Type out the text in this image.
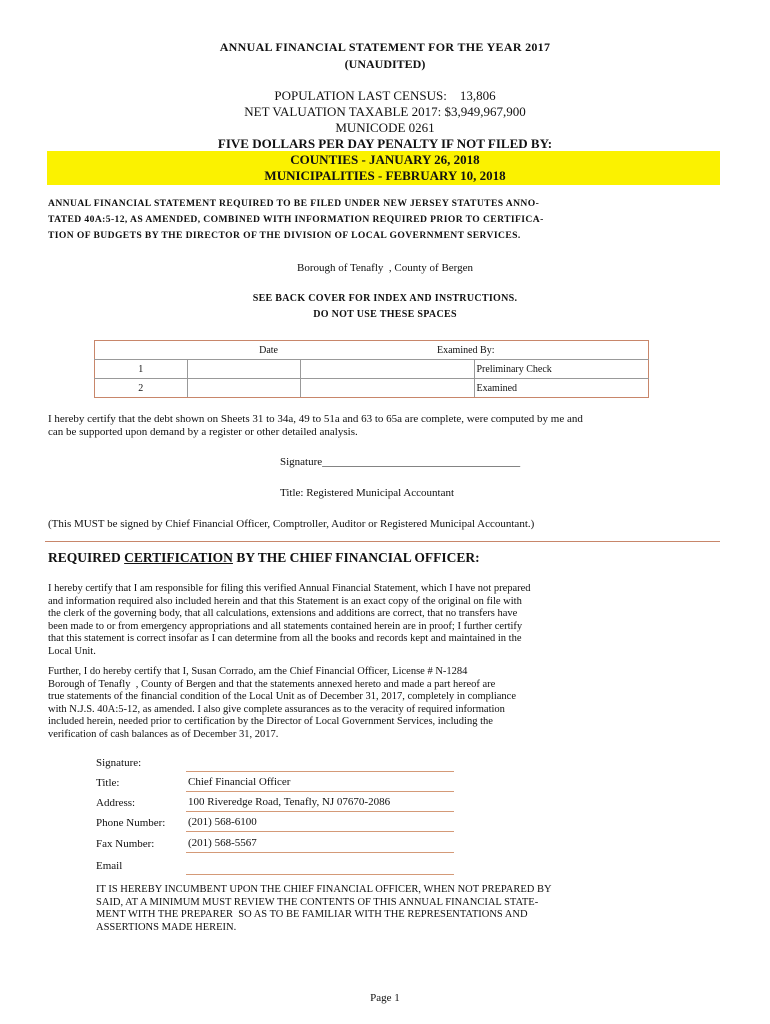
ANNUAL FINANCIAL STATEMENT FOR THE YEAR 2017
(UNAUDITED)
POPULATION LAST CENSUS:    13,806
NET VALUATION TAXABLE 2017: $3,949,967,900
MUNICODE 0261
FIVE DOLLARS PER DAY PENALTY IF NOT FILED BY:
COUNTIES - JANUARY 26, 2018
MUNICIPALITIES - FEBRUARY 10, 2018
ANNUAL FINANCIAL STATEMENT REQUIRED TO BE FILED UNDER NEW JERSEY STATUTES ANNO-
TATED 40A:5-12, AS AMENDED, COMBINED WITH INFORMATION REQUIRED PRIOR TO CERTIFICA-
TION OF BUDGETS BY THE DIRECTOR OF THE DIVISION OF LOCAL GOVERNMENT SERVICES.
Borough of Tenafly  , County of Bergen
SEE BACK COVER FOR INDEX AND INSTRUCTIONS.
DO NOT USE THESE SPACES
	Date		Examined By:
1			Preliminary Check
2			Examined
I hereby certify that the debt shown on Sheets 31 to 34a, 49 to 51a and 63 to 65a are complete, were computed by me and
can be supported upon demand by a register or other detailed analysis.
Signature____________________________________
Title: Registered Municipal Accountant
(This MUST be signed by Chief Financial Officer, Comptroller, Auditor or Registered Municipal Accountant.)
REQUIRED CERTIFICATION BY THE CHIEF FINANCIAL OFFICER:
I hereby certify that I am responsible for filing this verified Annual Financial Statement, which I have not prepared
and information required also included herein and that this Statement is an exact copy of the original on file with
the clerk of the governing body, that all calculations, extensions and additions are correct, that no transfers have
been made to or from emergency appropriations and all statements contained herein are in proof; I further certify
that this statement is correct insofar as I can determine from all the books and records kept and maintained in the
Local Unit.
Further, I do hereby certify that I, Susan Corrado, am the Chief Financial Officer, License # N-1284
Borough of Tenafly  , County of Bergen and that the statements annexed hereto and made a part hereof are
true statements of the financial condition of the Local Unit as of December 31, 2017, completely in compliance
with N.J.S. 40A:5-12, as amended. I also give complete assurances as to the veracity of required information
included herein, needed prior to certification by the Director of Local Government Services, including the
verification of cash balances as of December 31, 2017.
Signature:
Title:	Chief Financial Officer
Address:	100 Riveredge Road, Tenafly, NJ 07670-2086
Phone Number: (201) 568-6100
Fax Number:	(201) 568-5567
Email
IT IS HEREBY INCUMBENT UPON THE CHIEF FINANCIAL OFFICER, WHEN NOT PREPARED BY
SAID, AT A MINIMUM MUST REVIEW THE CONTENTS OF THIS ANNUAL FINANCIAL STATE-
MENT WITH THE PREPARER  SO AS TO BE FAMILIAR WITH THE REPRESENTATIONS AND
ASSERTIONS MADE HEREIN.
Page 1
